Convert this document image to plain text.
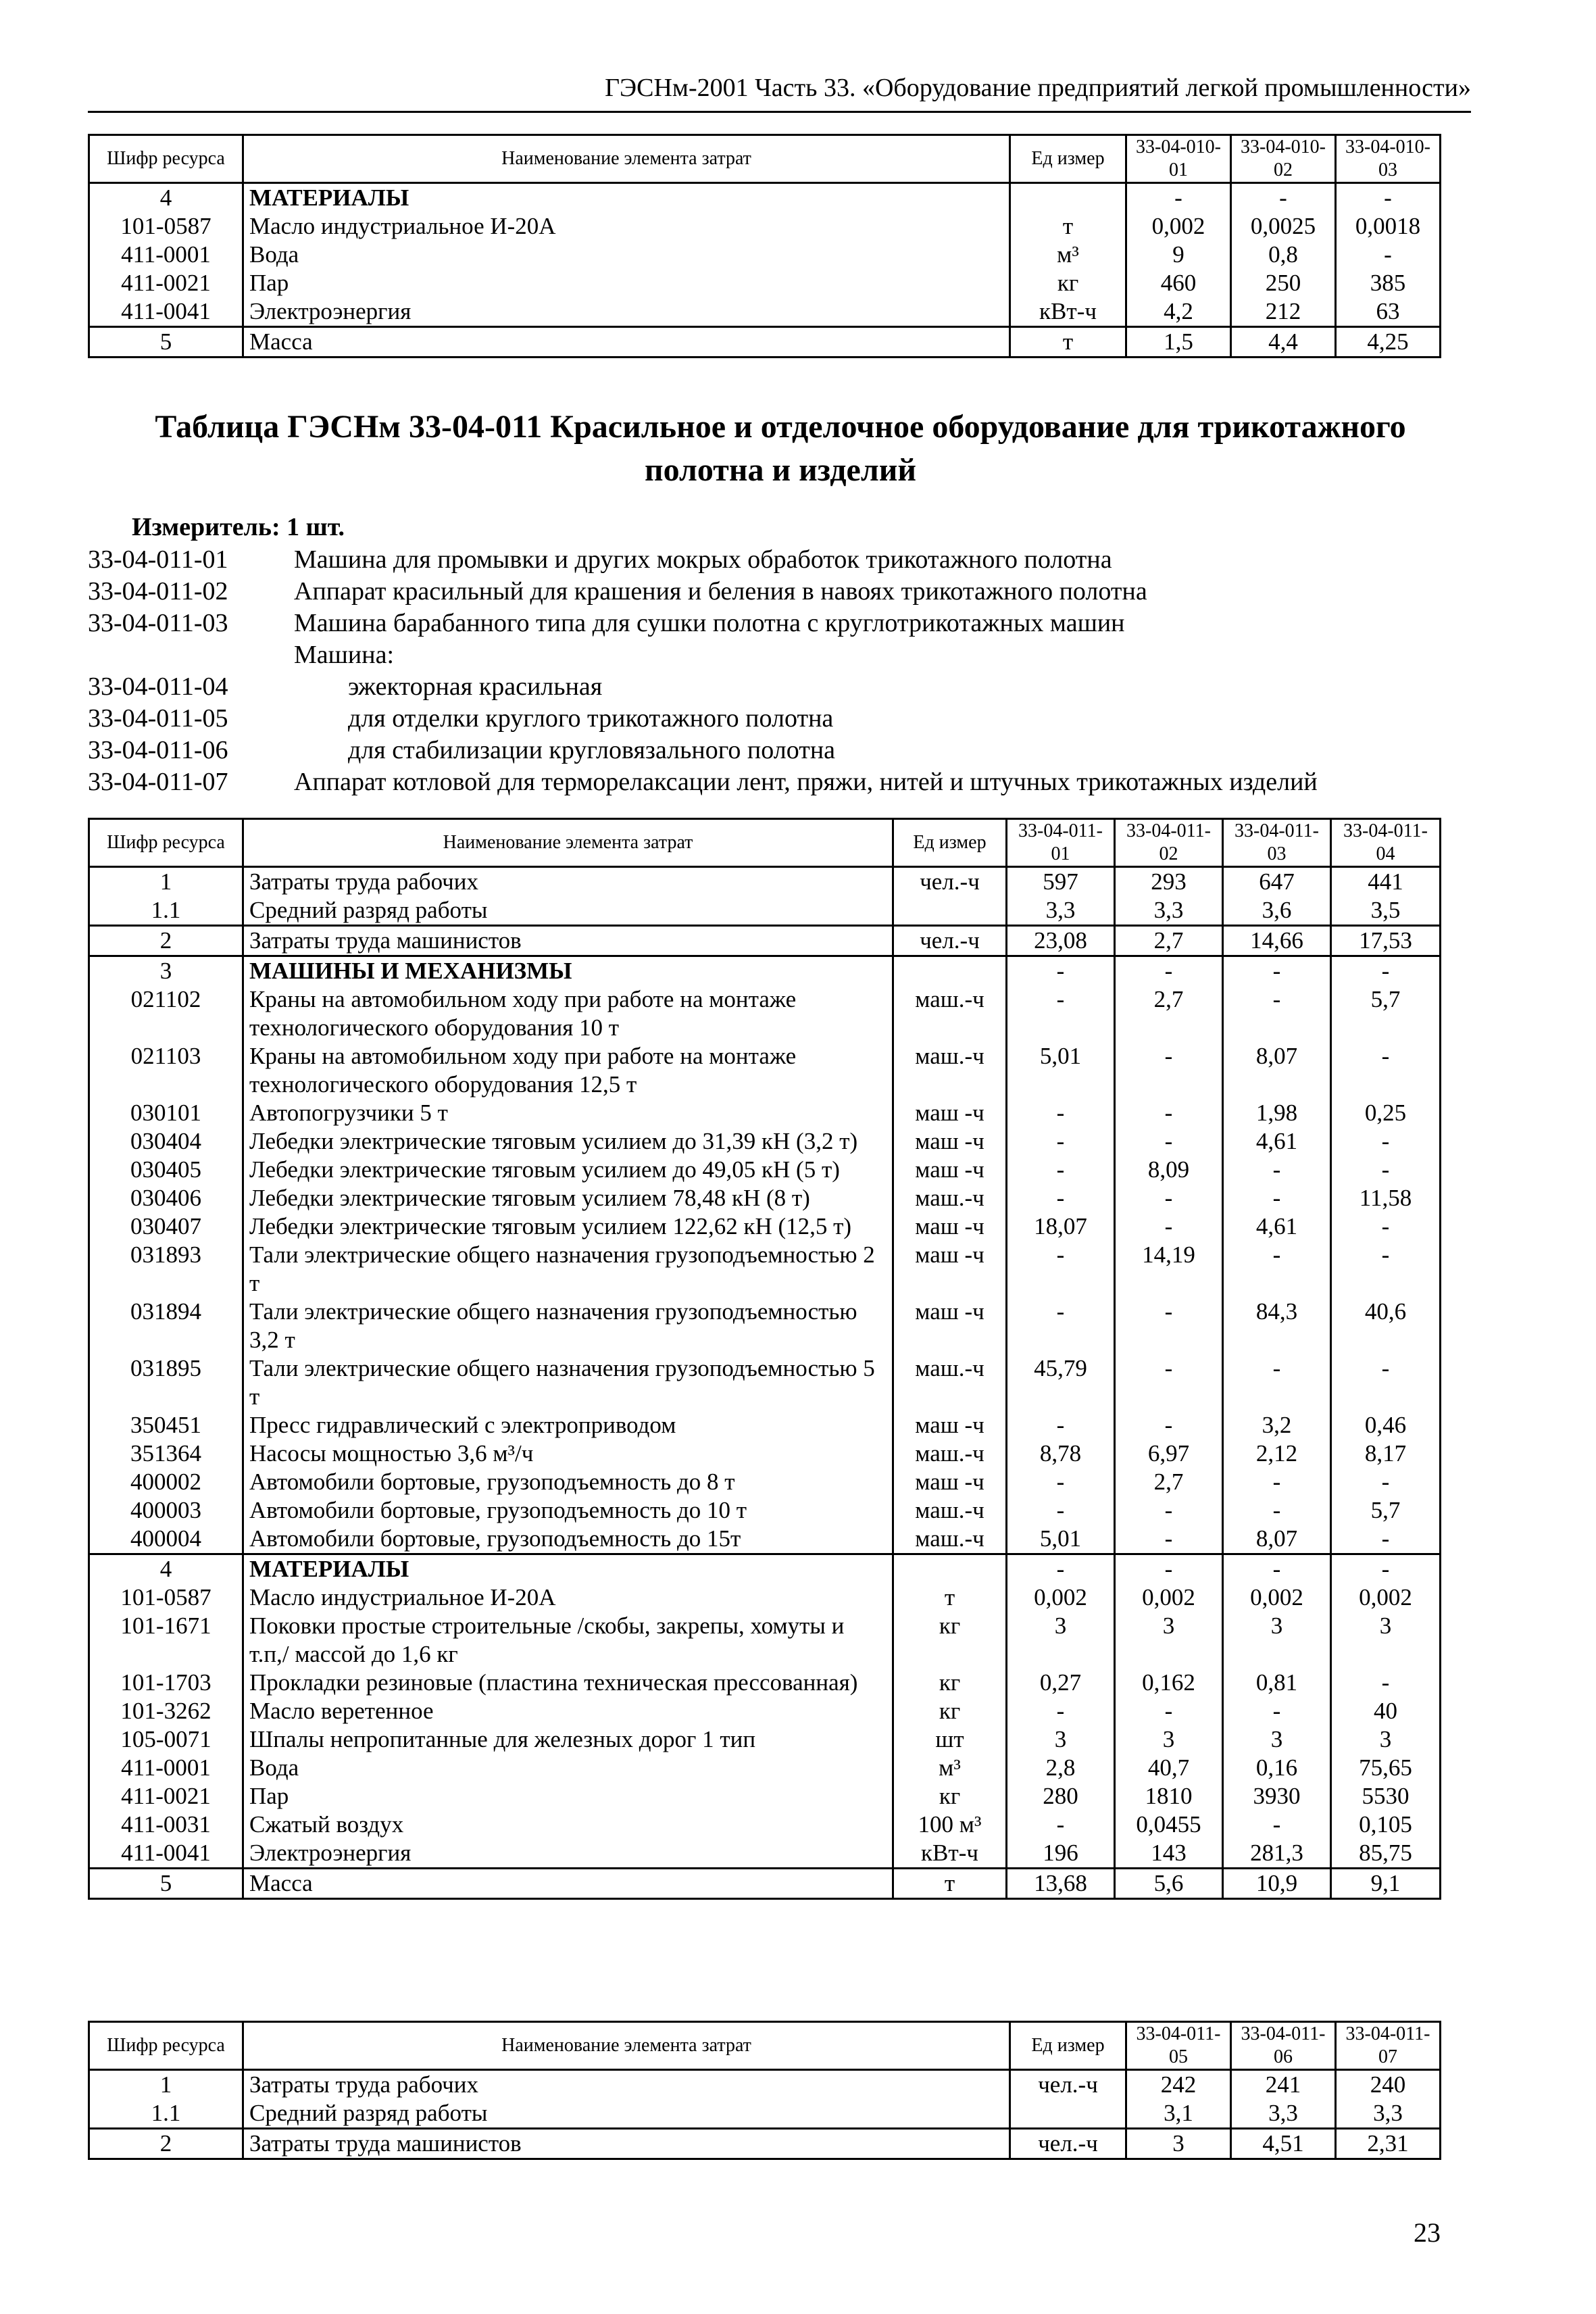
ГЭСНм-2001 Часть 33. «Оборудование предприятий легкой промышленности»
Шифр ресурса	Наименование элемента затрат	Ед измер	33-04-010-01	33-04-010-02	33-04-010-03
4	МАТЕРИАЛЫ		-	-	-
101-0587	Масло индустриальное И-20А	т	0,002	0,0025	0,0018
411-0001	Вода	м³	9	0,8	-
411-0021	Пар	кг	460	250	385
411-0041	Электроэнергия	кВт-ч	4,2	212	63
5	Масса	т	1,5	4,4	4,25
Таблица ГЭСНм 33-04-011 Красильное и отделочное оборудование для трикотажного
полотна и изделий
Измеритель: 1 шт.
33-04-011-01	Машина для промывки и других мокрых обработок трикотажного полотна
33-04-011-02	Аппарат красильный для крашения и беления в навоях трикотажного полотна
33-04-011-03	Машина барабанного типа для сушки полотна с круглотрикотажных машин
Машина:
33-04-011-04	эжекторная красильная
33-04-011-05	для отделки круглого трикотажного полотна
33-04-011-06	для стабилизации кругловязального полотна
33-04-011-07	Аппарат котловой для терморелаксации лент, пряжи, нитей и штучных трикотажных изделий
Шифр ресурса	Наименование элемента затрат	Ед измер	33-04-011-01	33-04-011-02	33-04-011-03	33-04-011-04
1	Затраты труда рабочих	чел.-ч	597	293	647	441
1.1	Средний разряд работы		3,3	3,3	3,6	3,5
2	Затраты труда машинистов	чел.-ч	23,08	2,7	14,66	17,53
3	МАШИНЫ И МЕХАНИЗМЫ		-	-	-	-
021102	Краны на автомобильном ходу при работе на монтаже технологического оборудования 10 т	маш.-ч	-	2,7	-	5,7
021103	Краны на автомобильном ходу при работе на монтаже технологического оборудования 12,5 т	маш.-ч	5,01	-	8,07	-
030101	Автопогрузчики 5 т	маш -ч	-	-	1,98	0,25
030404	Лебедки электрические тяговым усилием до 31,39 кН (3,2 т)	маш -ч	-	-	4,61	-
030405	Лебедки электрические тяговым усилием до 49,05 кН (5 т)	маш -ч	-	8,09	-	-
030406	Лебедки электрические тяговым усилием 78,48 кН (8 т)	маш.-ч	-	-	-	11,58
030407	Лебедки электрические тяговым усилием 122,62 кН (12,5 т)	маш -ч	18,07	-	4,61	-
031893	Тали электрические общего назначения грузоподъемностью 2 т	маш -ч	-	14,19	-	-
031894	Тали электрические общего назначения грузоподъемностью 3,2 т	маш -ч	-	-	84,3	40,6
031895	Тали электрические общего назначения грузоподъемностью 5 т	маш.-ч	45,79	-	-	-
350451	Пресс гидравлический с электроприводом	маш -ч	-	-	3,2	0,46
351364	Насосы мощностью 3,6 м³/ч	маш.-ч	8,78	6,97	2,12	8,17
400002	Автомобили бортовые, грузоподъемность до 8 т	маш -ч	-	2,7	-	-
400003	Автомобили бортовые, грузоподъемность до 10 т	маш.-ч	-	-	-	5,7
400004	Автомобили бортовые, грузоподъемность до 15т	маш.-ч	5,01	-	8,07	-
4	МАТЕРИАЛЫ		-	-	-	-
101-0587	Масло индустриальное И-20А	т	0,002	0,002	0,002	0,002
101-1671	Поковки простые строительные /скобы, закрепы, хомуты и т.п,/ массой до 1,6 кг	кг	3	3	3	3
101-1703	Прокладки резиновые (пластина техническая прессованная)	кг	0,27	0,162	0,81	-
101-3262	Масло веретенное	кг	-	-	-	40
105-0071	Шпалы непропитанные для железных дорог 1 тип	шт	3	3	3	3
411-0001	Вода	м³	2,8	40,7	0,16	75,65
411-0021	Пар	кг	280	1810	3930	5530
411-0031	Сжатый воздух	100 м³	-	0,0455	-	0,105
411-0041	Электроэнергия	кВт-ч	196	143	281,3	85,75
5	Масса	т	13,68	5,6	10,9	9,1
Шифр ресурса	Наименование элемента затрат	Ед измер	33-04-011-05	33-04-011-06	33-04-011-07
1	Затраты труда рабочих	чел.-ч	242	241	240
1.1	Средний разряд работы		3,1	3,3	3,3
2	Затраты труда машинистов	чел.-ч	3	4,51	2,31
23
